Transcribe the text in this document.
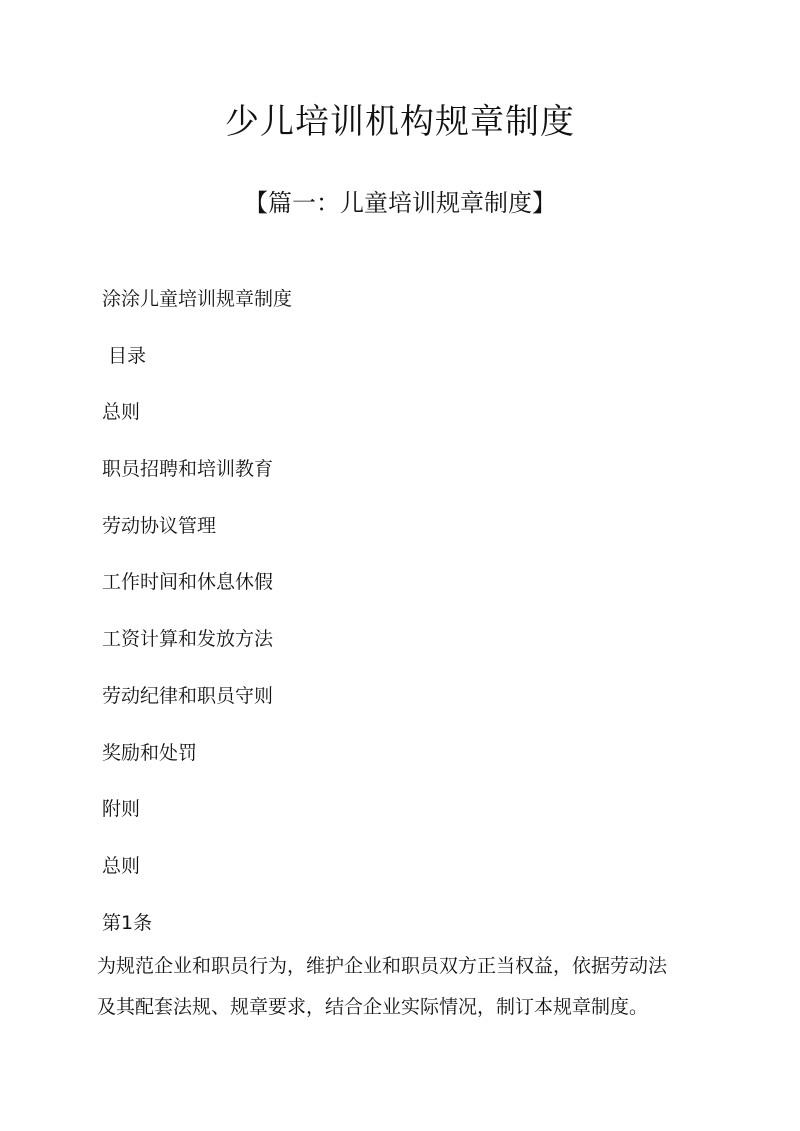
少儿培训机构规章制度
【篇一：儿童培训规章制度】
涂涂儿童培训规章制度
目录
总则
职员招聘和培训教育
劳动协议管理
工作时间和休息休假
工资计算和发放方法
劳动纪律和职员守则
奖励和处罚
附则
总则
第1条
为规范企业和职员行为，维护企业和职员双方正当权益，依据劳动法
及其配套法规、规章要求，结合企业实际情况，制订本规章制度。
